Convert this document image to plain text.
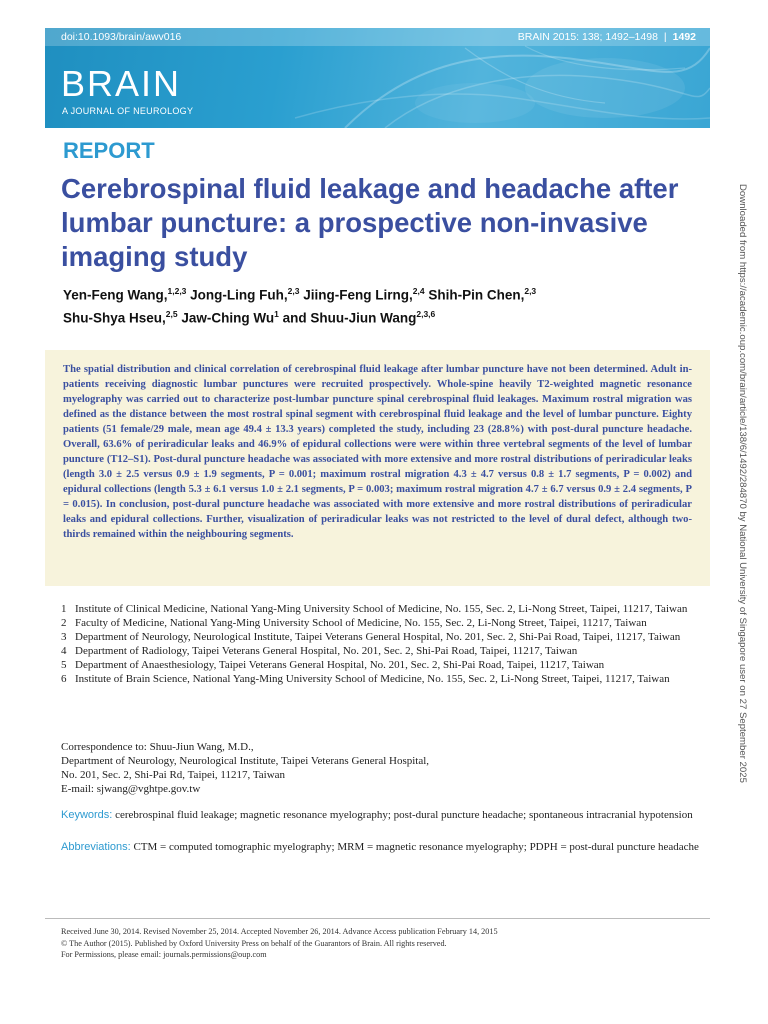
doi:10.1093/brain/awv016	BRAIN 2015: 138; 1492–1498 | 1492
BRAIN
A JOURNAL OF NEUROLOGY
REPORT
Cerebrospinal fluid leakage and headache after lumbar puncture: a prospective non-invasive imaging study
Yen-Feng Wang,$^{1,2,3}$ Jong-Ling Fuh,$^{2,3}$ Jiing-Feng Lirng,$^{2,4}$ Shih-Pin Chen,$^{2,3}$
Shu-Shya Hseu,$^{2,5}$ Jaw-Ching Wu$^1$ and Shuu-Jiun Wang$^{2,3,6}$

The spatial distribution and clinical correlation of cerebrospinal fluid leakage after lumbar puncture have not been determined. Adult in-patients receiving diagnostic lumbar punctures were recruited prospectively. Whole-spine heavily T2-weighted magnetic resonance myelography was carried out to characterize post-lumbar puncture spinal cerebrospinal fluid leakages. Maximum rostral migration was defined as the distance between the most rostral spinal segment with cerebrospinal fluid leakage and the level of lumbar puncture. Eighty patients (51 female/29 male, mean age 49.4 ± 13.3 years) completed the study, including 23 (28.8%) with post-dural puncture headache. Overall, 63.6% of periradicular leaks and 46.9% of epidural collections were were within three vertebral segments of the level of lumbar puncture (T12–S1). Post-dural puncture headache was associated with more extensive and more rostral distributions of periradicular leaks (length 3.0 ± 2.5 versus 0.9 ± 1.9 segments, P = 0.001; maximum rostral migration 4.3 ± 4.7 versus 0.8 ± 1.7 segments, P = 0.002) and epidural collections (length 5.3 ± 6.1 versus 1.0 ± 2.1 segments, P = 0.003; maximum rostral migration 4.7 ± 6.7 versus 0.9 ± 2.4 segments, P = 0.015). In conclusion, post-dural puncture headache was associated with more extensive and more rostral distributions of periradicular leaks and epidural collections. Further, visualization of periradicular leaks was not restricted to the level of dural defect, although two-thirds remained within the neighbouring segments.

1 Institute of Clinical Medicine, National Yang-Ming University School of Medicine, No. 155, Sec. 2, Li-Nong Street, Taipei, 11217, Taiwan
2 Faculty of Medicine, National Yang-Ming University School of Medicine, No. 155, Sec. 2, Li-Nong Street, Taipei, 11217, Taiwan
3 Department of Neurology, Neurological Institute, Taipei Veterans General Hospital, No. 201, Sec. 2, Shi-Pai Road, Taipei, 11217, Taiwan
4 Department of Radiology, Taipei Veterans General Hospital, No. 201, Sec. 2, Shi-Pai Road, Taipei, 11217, Taiwan
5 Department of Anaesthesiology, Taipei Veterans General Hospital, No. 201, Sec. 2, Shi-Pai Road, Taipei, 11217, Taiwan
6 Institute of Brain Science, National Yang-Ming University School of Medicine, No. 155, Sec. 2, Li-Nong Street, Taipei, 11217, Taiwan
Correspondence to: Shuu-Jiun Wang, M.D.,
Department of Neurology, Neurological Institute, Taipei Veterans General Hospital,
No. 201, Sec. 2, Shi-Pai Rd, Taipei, 11217, Taiwan
E-mail: sjwang@vghtpe.gov.tw
Keywords: cerebrospinal fluid leakage; magnetic resonance myelography; post-dural puncture headache; spontaneous intracranial hypotension
Abbreviations: CTM = computed tomographic myelography; MRM = magnetic resonance myelography; PDPH = post-dural puncture headache
Received June 30, 2014. Revised November 25, 2014. Accepted November 26, 2014. Advance Access publication February 14, 2015
© The Author (2015). Published by Oxford University Press on behalf of the Guarantors of Brain. All rights reserved.
For Permissions, please email: journals.permissions@oup.com
Downloaded from https://academic.oup.com/brain/article/138/6/1492/284870 by National University of Singapore user on 27 September 2025
